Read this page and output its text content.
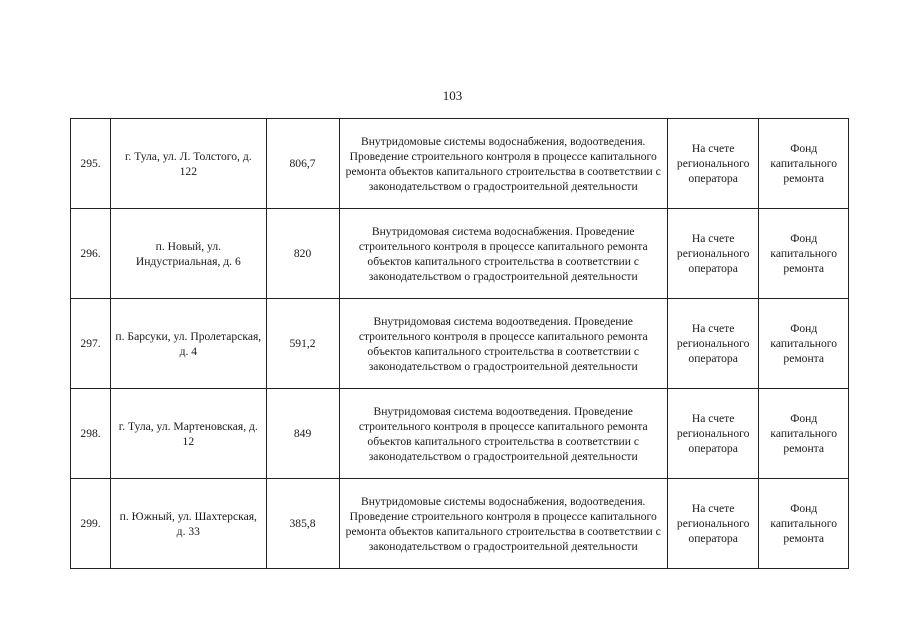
103
295.	г. Тула, ул. Л. Толстого, д. 122	806,7	Внутридомовые системы водоснабжения, водоотведения. Проведение строительного контроля в процессе капитального ремонта объектов капитального строительства в соответствии с законодательством о градостроительной деятельности	На счете регионального оператора	Фонд капитального ремонта
296.	п. Новый, ул. Индустриальная, д. 6	820	Внутридомовая система водоснабжения. Проведение строительного контроля в процессе капитального ремонта объектов капитального строительства в соответствии с законодательством о градостроительной деятельности	На счете регионального оператора	Фонд капитального ремонта
297.	п. Барсуки, ул. Пролетарская, д. 4	591,2	Внутридомовая система водоотведения. Проведение строительного контроля в процессе капитального ремонта объектов капитального строительства в соответствии с законодательством о градостроительной деятельности	На счете регионального оператора	Фонд капитального ремонта
298.	г. Тула, ул. Мартеновская, д. 12	849	Внутридомовая система водоотведения. Проведение строительного контроля в процессе капитального ремонта объектов капитального строительства в соответствии с законодательством о градостроительной деятельности	На счете регионального оператора	Фонд капитального ремонта
299.	п. Южный, ул. Шахтерская, д. 33	385,8	Внутридомовые системы водоснабжения, водоотведения. Проведение строительного контроля в процессе капитального ремонта объектов капитального строительства в соответствии с законодательством о градостроительной деятельности	На счете регионального оператора	Фонд капитального ремонта
